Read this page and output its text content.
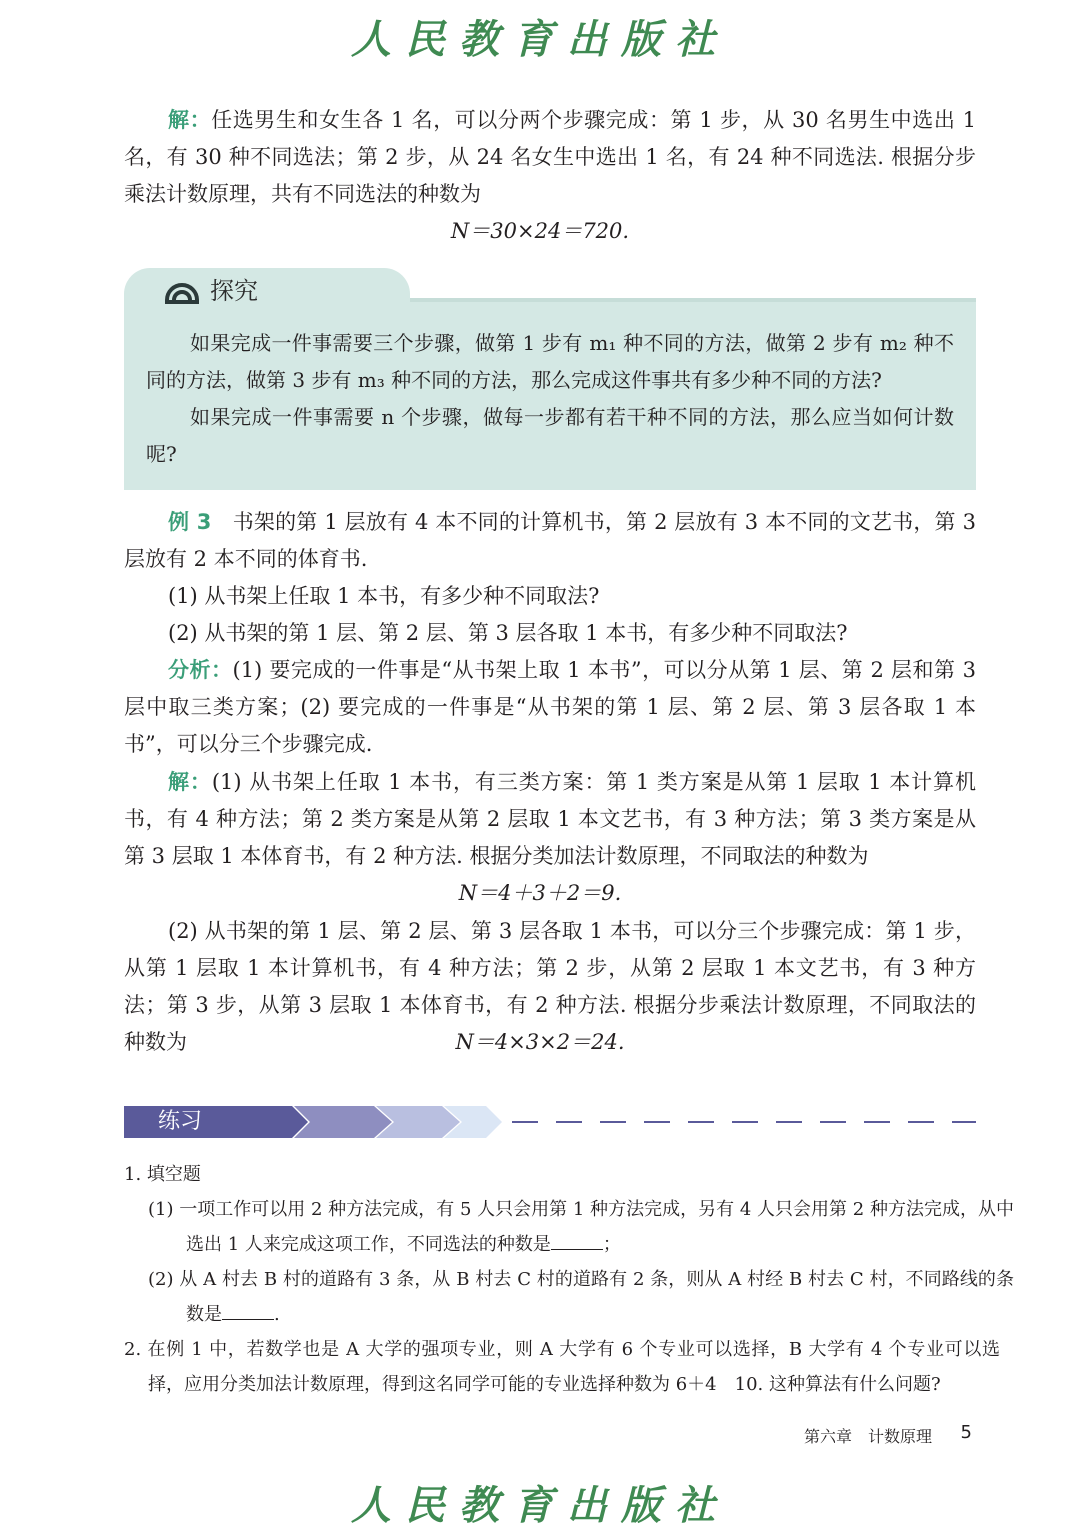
人民教育出版社
解：任选男生和女生各 1 名，可以分两个步骤完成：第 1 步，从 30 名男生中选出 1 名，有 30 种不同选法；第 2 步，从 24 名女生中选出 1 名，有 24 种不同选法. 根据分步乘法计数原理，共有不同选法的种数为
N＝30×24＝720.
探究
如果完成一件事需要三个步骤，做第 1 步有 m₁ 种不同的方法，做第 2 步有 m₂ 种不同的方法，做第 3 步有 m₃ 种不同的方法，那么完成这件事共有多少种不同的方法?
如果完成一件事需要 n 个步骤，做每一步都有若干种不同的方法，那么应当如何计数呢?
例 3　 书架的第 1 层放有 4 本不同的计算机书，第 2 层放有 3 本不同的文艺书，第 3 层放有 2 本不同的体育书.
(1) 从书架上任取 1 本书，有多少种不同取法?
(2) 从书架的第 1 层、第 2 层、第 3 层各取 1 本书，有多少种不同取法?
分析：(1) 要完成的一件事是“从书架上取 1 本书”，可以分从第 1 层、第 2 层和第 3 层中取三类方案；(2) 要完成的一件事是“从书架的第 1 层、第 2 层、第 3 层各取 1 本书”，可以分三个步骤完成.
解：(1) 从书架上任取 1 本书，有三类方案：第 1 类方案是从第 1 层取 1 本计算机书，有 4 种方法；第 2 类方案是从第 2 层取 1 本文艺书，有 3 种方法；第 3 类方案是从第 3 层取 1 本体育书，有 2 种方法. 根据分类加法计数原理，不同取法的种数为
N＝4＋3＋2＝9.
(2) 从书架的第 1 层、第 2 层、第 3 层各取 1 本书，可以分三个步骤完成：第 1 步，从第 1 层取 1 本计算机书，有 4 种方法；第 2 步，从第 2 层取 1 本文艺书，有 3 种方法；第 3 步，从第 3 层取 1 本体育书，有 2 种方法. 根据分步乘法计数原理，不同取法的种数为	N＝4×3×2＝24.
练习
1. 填空题
(1) 一项工作可以用 2 种方法完成，有 5 人只会用第 1 种方法完成，另有 4 人只会用第 2 种方法完成，从中选出 1 人来完成这项工作，不同选法的种数是	；
(2) 从 A 村去 B 村的道路有 3 条，从 B 村去 C 村的道路有 2 条，则从 A 村经 B 村去 C 村，不同路线的条数是	.
2. 在例 1 中，若数学也是 A 大学的强项专业，则 A 大学有 6 个专业可以选择，B 大学有 4 个专业可以选择，应用分类加法计数原理，得到这名同学可能的专业选择种数为 6＋4　10. 这种算法有什么问题?
第六章　计数原理 5
人民教育出版社
